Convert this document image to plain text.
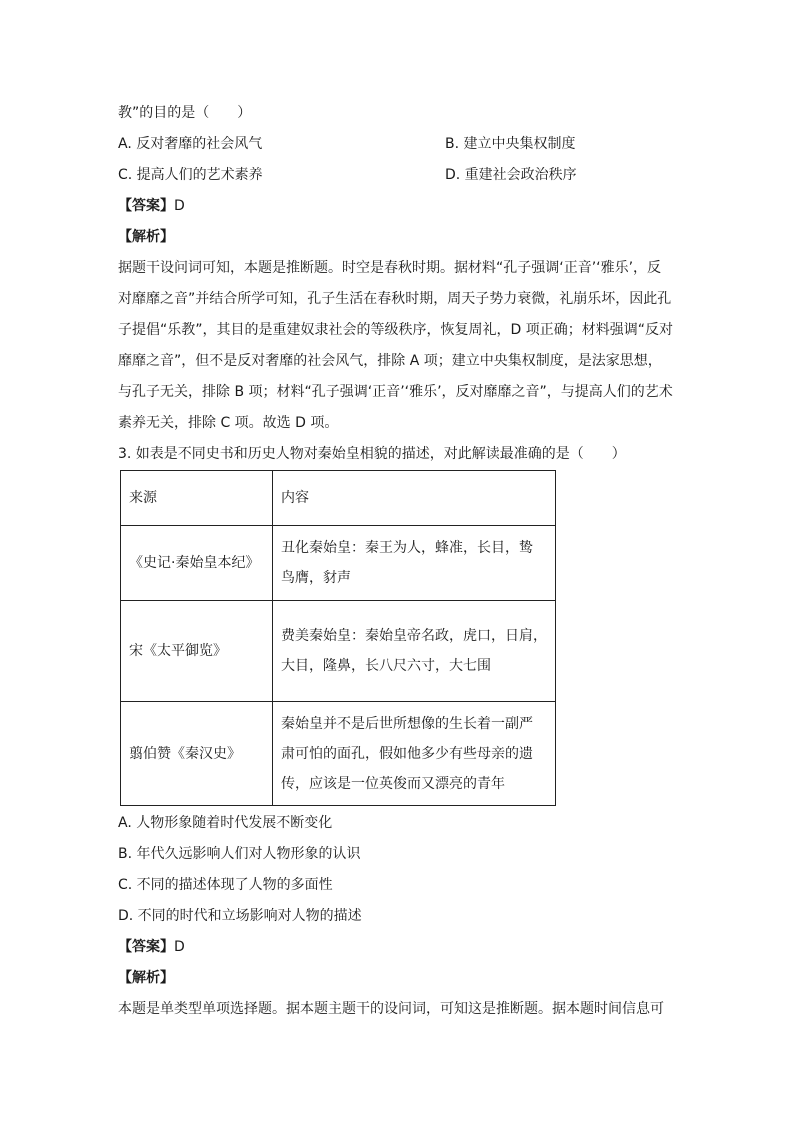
教”的目的是（　　）
A. 反对奢靡的社会风气	B. 建立中央集权制度
C. 提高人们的艺术素养	D. 重建社会政治秩序
【答案】D
【解析】
据题干设问词可知，本题是推断题。时空是春秋时期。据材料“孔子强调‘正音’‘雅乐’，反
对靡靡之音”并结合所学可知，孔子生活在春秋时期，周天子势力衰微，礼崩乐坏，因此孔
子提倡“乐教”，其目的是重建奴隶社会的等级秩序，恢复周礼，D 项正确；材料强调“反对
靡靡之音”，但不是反对奢靡的社会风气，排除 A 项；建立中央集权制度，是法家思想，
与孔子无关，排除 B 项；材料“孔子强调‘正音’‘雅乐’，反对靡靡之音”，与提高人们的艺术
素养无关，排除 C 项。故选 D 项。
3. 如表是不同史书和历史人物对秦始皇相貌的描述，对此解读最准确的是（　　）
来源	内容
《史记·秦始皇本纪》	丑化秦始皇：秦王为人，蜂准，长目，鸷
鸟膺，豺声

宋《太平御览》	费美秦始皇：秦始皇帝名政，虎口，日肩，
大目，隆鼻，长八尺六寸，大七围

翦伯赞《秦汉史》	秦始皇并不是后世所想像的生长着一副严
肃可怕的面孔，假如他多少有些母亲的遗
传，应该是一位英俊而又漂亮的青年
A. 人物形象随着时代发展不断变化
B. 年代久远影响人们对人物形象的认识
C. 不同的描述体现了人物的多面性
D. 不同的时代和立场影响对人物的描述
【答案】D
【解析】
本题是单类型单项选择题。据本题主题干的设问词，可知这是推断题。据本题时间信息可
